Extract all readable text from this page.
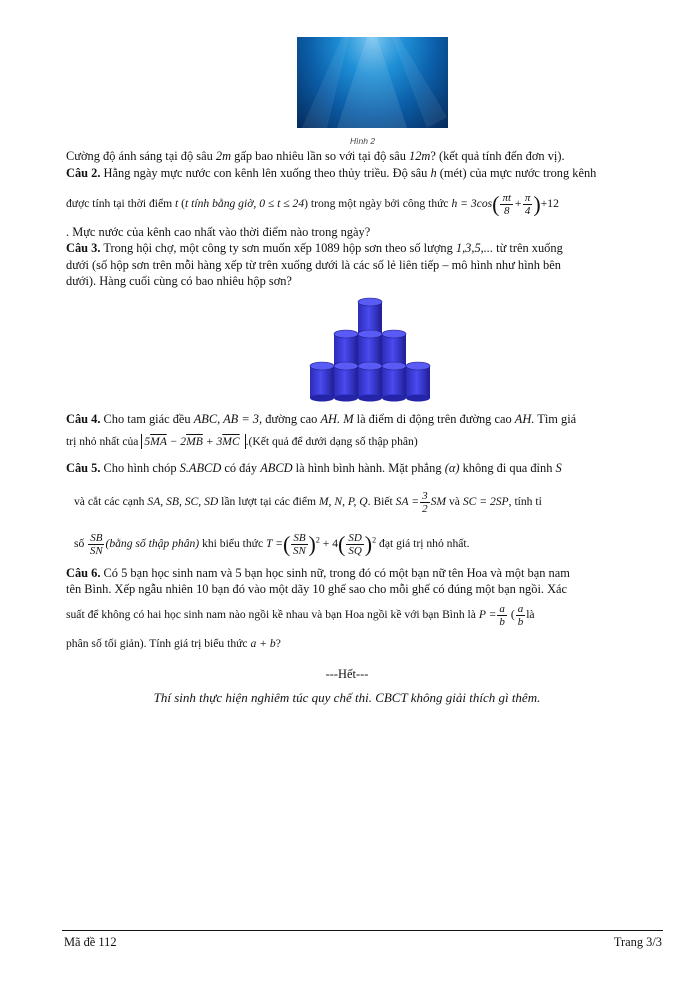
Hình 2
Cường độ ánh sáng tại độ sâu 2m gấp bao nhiêu lần so với tại độ sâu 12m? (kết quả tính đến đơn vị).
Câu 2. Hằng ngày mực nước con kênh lên xuống theo thủy triều. Độ sâu h (mét) của mực nước trong kênh
được tính tại thời điểm t (t tính bằng giờ, 0 ≤ t ≤ 24) trong một ngày bởi công thức $h = 3\cos( \frac{\pi t}{8} + \frac{\pi}{4} )+12$
. Mực nước của kênh cao nhất vào thời điểm nào trong ngày?
Câu 3. Trong hội chợ, một công ty sơn muốn xếp 1089 hộp sơn theo số lượng 1,3,5,... từ trên xuống
dưới (số hộp sơn trên mỗi hàng xếp từ trên xuống dưới là các số lẻ liên tiếp – mô hình như hình bên
dưới). Hàng cuối cùng có bao nhiêu hộp sơn?
Câu 4. Cho tam giác đều ABC, AB = 3, đường cao AH. M là điểm di động trên đường cao AH. Tìm giá
trị nhỏ nhất của $5\overline{MA} - 2\overline{MB} + 3\overline{MC}$ .(Kết quả để dưới dạng số thập phân)
Câu 5. Cho hình chóp S.ABCD có đáy ABCD là hình bình hành. Mặt phẳng (α) không đi qua đỉnh S
và cắt các cạnh SA, SB, SC, SD lần lượt tại các điểm M, N, P, Q. Biết SA = $\frac{3}{2}$ SM và SC = 2SP, tính tỉ
số $\frac{SB}{SN}$ (bằng số thập phân) khi biểu thức T =( $\frac{SB}{SN} )^2 + 4( \frac{SD}{SQ} )^2$ đạt giá trị nhỏ nhất.
Câu 6. Có 5 bạn học sinh nam và 5 bạn học sinh nữ, trong đó có một bạn nữ tên Hoa và một bạn nam
tên Bình. Xếp ngẫu nhiên 10 bạn đó vào một dãy 10 ghế sao cho mỗi ghế có đúng một bạn ngồi. Xác
suất để không có hai học sinh nam nào ngồi kề nhau và bạn Hoa ngồi kề với bạn Bình là $P = \frac{a}{b}$ ( $\frac{a}{b}$ là
phân số tối giản). Tính giá trị biểu thức a + b?
---Hết---
Thí sinh thực hiện nghiêm túc quy chế thi. CBCT không giải thích gì thêm.
Mã đề 112	Trang 3/3
